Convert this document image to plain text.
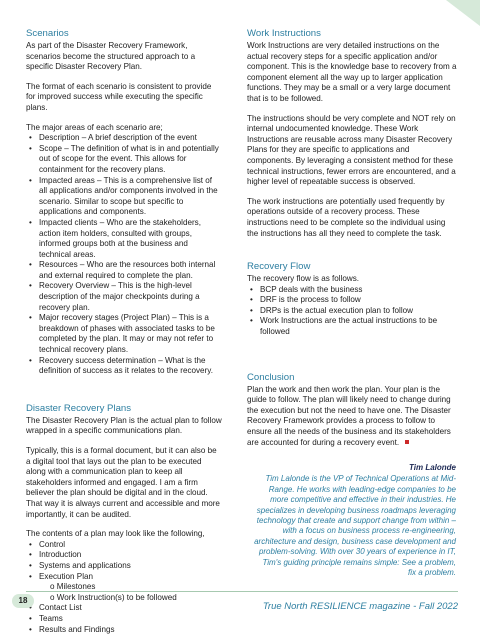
Scenarios

As part of the Disaster Recovery Framework, scenarios become the structured approach to a specific Disaster Recovery Plan.

The format of each scenario is consistent to provide for improved success while executing the specific plans.

The major areas of each scenario are;

• Description – A brief description of the event
• Scope – The definition of what is in and potentially out of scope for the event. This allows for containment for the recovery plans.
• Impacted areas – This is a comprehensive list of all applications and/or components involved in the scenario. Similar to scope but specific to applications and components.
• Impacted clients – Who are the stakeholders, action item holders, consulted with groups, informed groups both at the business and technical areas.
• Resources – Who are the resources both internal and external required to complete the plan.
• Recovery Overview – This is the high-level description of the major checkpoints during a recovery plan.
• Major recovery stages (Project Plan) – This is a breakdown of phases with associated tasks to be completed by the plan. It may or may not refer to technical recovery plans.
• Recovery success determination – What is the definition of success as it relates to the recovery.
Disaster Recovery Plans

The Disaster Recovery Plan is the actual plan to follow wrapped in a specific communications plan.

Typically, this is a formal document, but it can also be a digital tool that lays out the plan to be executed along with a communication plan to keep all stakeholders informed and engaged. I am a firm believer the plan should be digital and in the cloud. That way it is always current and accessible and more importantly, it can be audited.

The contents of a plan may look like the following,

• Control
• Introduction
• Systems and applications
• Execution Plan
o Milestones
o Work Instruction(s) to be followed
• Contact List
• Teams
• Results and Findings
Work Instructions

Work Instructions are very detailed instructions on the actual recovery steps for a specific application and/or component. This is the knowledge base to recovery from a component element all the way up to larger application functions. They may be a small or a very large document that is to be followed.

The instructions should be very complete and NOT rely on internal undocumented knowledge. These Work Instructions are reusable across many Disaster Recovery Plans for they are specific to applications and components. By leveraging a consistent method for these technical instructions, fewer errors are encountered, and a higher level of repeatable success is observed.

The work instructions are potentially used frequently by operations outside of a recovery process. These instructions need to be complete so the individual using the instructions has all they need to complete the task.

Recovery Flow

The recovery flow is as follows.

• BCP deals with the business
• DRF is the process to follow
• DRPs is the actual execution plan to follow
• Work Instructions are the actual instructions to be followed
Conclusion

Plan the work and then work the plan. Your plan is the guide to follow. The plan will likely need to change during the execution but not the need to have one. The Disaster Recovery Framework provides a process to follow to ensure all the needs of the business and its stakeholders are accounted for during a recovery event.

Tim Lalonde
Tim Lalonde is the VP of Technical Operations at Mid-Range. He works with leading-edge companies to be more competitive and effective in their industries. He specializes in developing business roadmaps leveraging technology that create and support change from within – with a focus on business process re-engineering, architecture and design, business case development and problem-solving. With over 30 years of experience in IT, Tim's guiding principle remains simple: See a problem, fix a problem.
18
True North RESILIENCE magazine - Fall 2022
